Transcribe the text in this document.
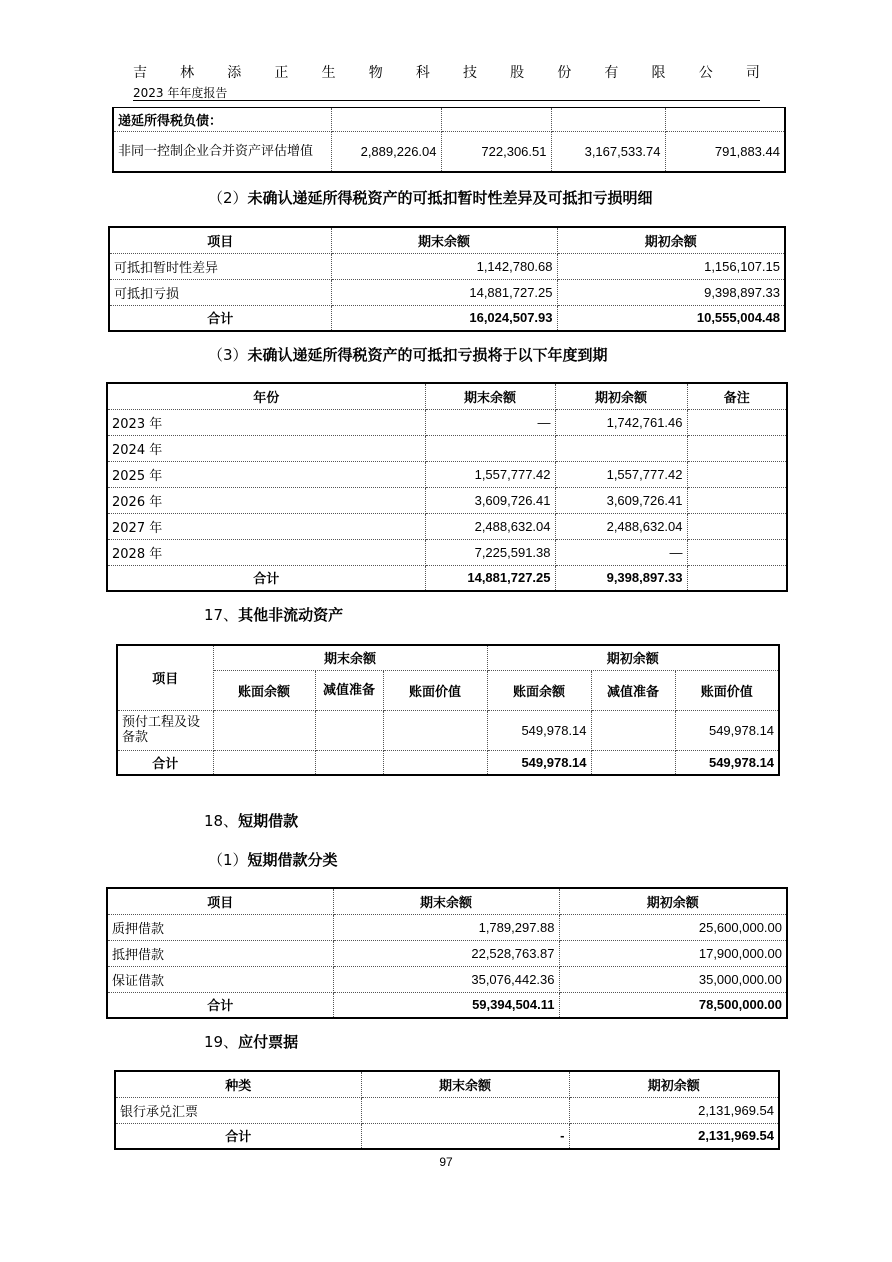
吉 林 添 正 生 物 科 技 股 份 有 限 公 司
2023 年年度报告
递延所得税负债：				
非同一控制企业合并资产评估增值	2,889,226.04	722,306.51	3,167,533.74	791,883.44
（2）未确认递延所得税资产的可抵扣暂时性差异及可抵扣亏损明细
项目	期末余额	期初余额
可抵扣暂时性差异	1,142,780.68	1,156,107.15
可抵扣亏损	14,881,727.25	9,398,897.33
合计	16,024,507.93	10,555,004.48
（3）未确认递延所得税资产的可抵扣亏损将于以下年度到期
年份	期末余额	期初余额	备注
2023 年	—	1,742,761.46	
2024 年			
2025 年	1,557,777.42	1,557,777.42	
2026 年	3,609,726.41	3,609,726.41	
2027 年	2,488,632.04	2,488,632.04	
2028 年	7,225,591.38	—	
合计	14,881,727.25	9,398,897.33	
17、其他非流动资产
项目	期末余额			期初余额		
	账面余额	减值准备	账面价值	账面余额	减值准备	账面价值
预付工程及设备款				549,978.14		549,978.14
合计				549,978.14		549,978.14
18、短期借款
（1）短期借款分类
项目	期末余额	期初余额
质押借款	1,789,297.88	25,600,000.00
抵押借款	22,528,763.87	17,900,000.00
保证借款	35,076,442.36	35,000,000.00
合计	59,394,504.11	78,500,000.00
19、应付票据
种类	期末余额	期初余额
银行承兑汇票		2,131,969.54
合计	-	2,131,969.54
97
